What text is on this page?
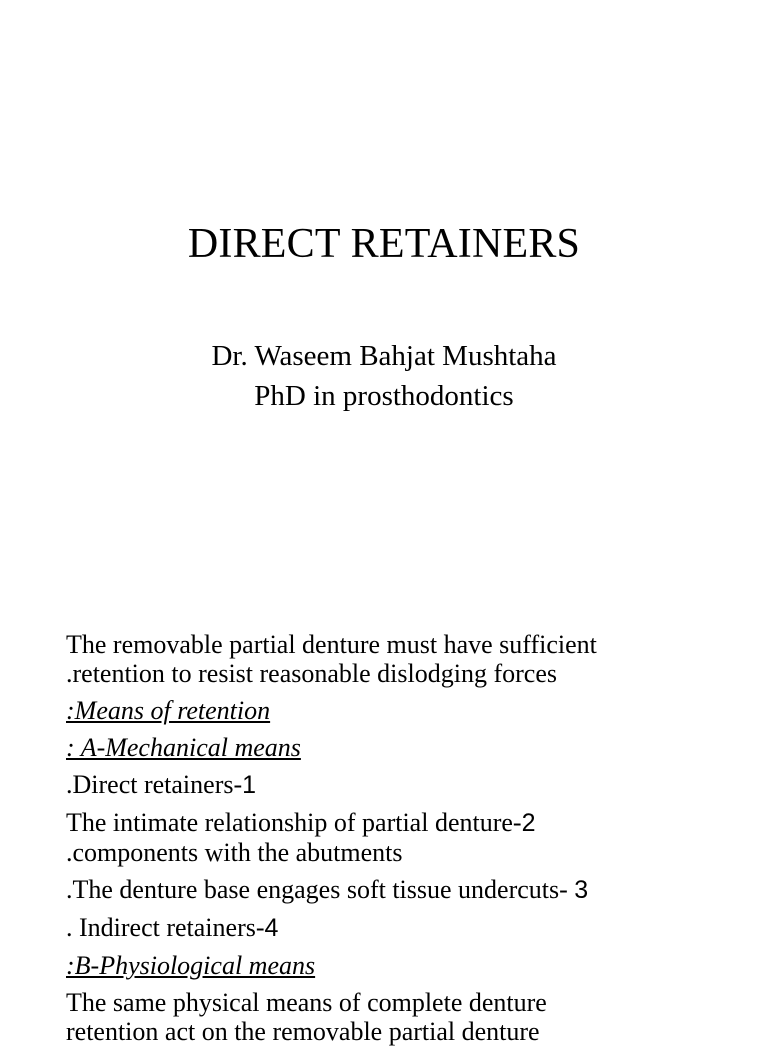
DIRECT RETAINERS
Dr. Waseem Bahjat Mushtaha
PhD in prosthodontics
The removable partial denture must have sufficient
.retention to resist reasonable dislodging forces
:Means of retention
: A-Mechanical means
.Direct retainers-1
The intimate relationship of partial denture-2
.components with the abutments
.The denture base engages soft tissue undercuts- 3
. Indirect retainers-4
:B-Physiological means
The same physical means of complete denture
retention act on the removable partial denture
